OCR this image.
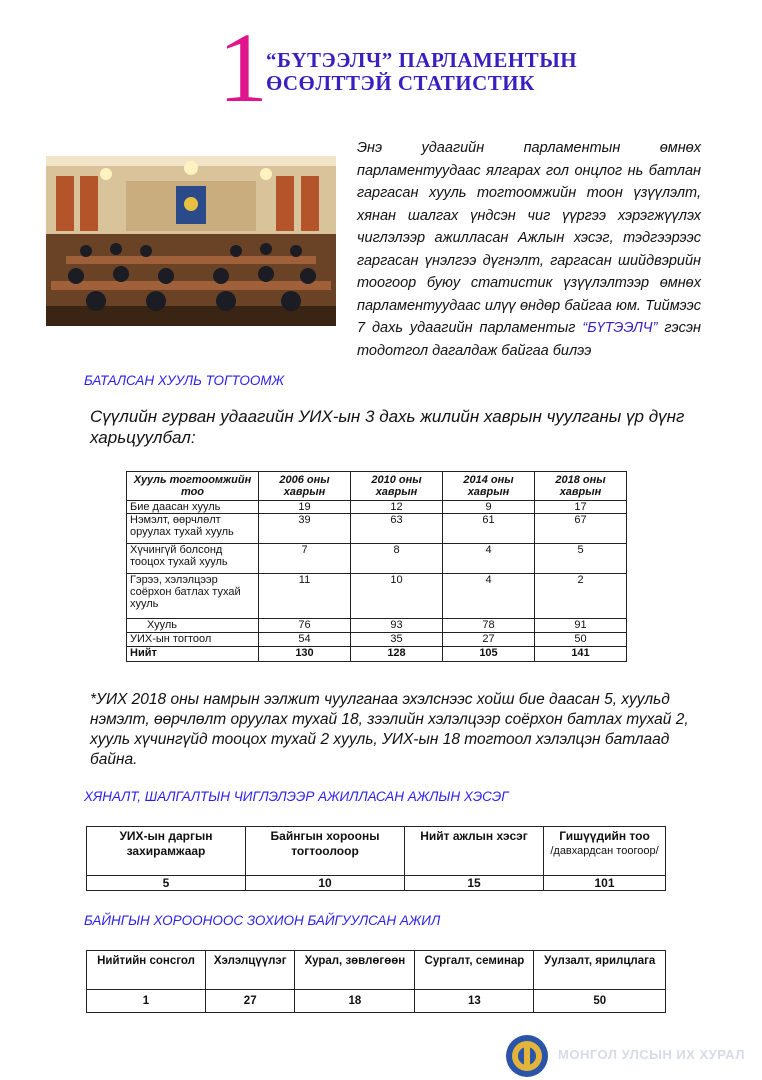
1
“БҮТЭЭЛЧ” ПАРЛАМЕНТЫН
ӨСӨЛТТЭЙ СТАТИСТИК
Энэ удаагийн парламентын өмнөх парламентуудаас ялгарах гол онцлог нь батлан гаргасан хууль тогтоомжийн тоон үзүүлэлт, хянан шалгах үндсэн чиг үүргээ хэрэгжүүлэх чиглэлээр ажилласан Ажлын хэсэг, тэдгээрээс гаргасан үнэлгээ дүгнэлт, гаргасан шийдвэрийн тоогоор буюу статистик үзүүлэлтээр өмнөх парламентуудаас илүү өндөр байгаа юм. Тиймээс 7 дахь удаагийн парламентыг “БҮТЭЭЛЧ” гэсэн тодотгол дагалдаж байгаа билээ
БАТАЛСАН ХУУЛЬ ТОГТООМЖ
Сүүлийн гурван удаагийн УИХ-ын 3 дахь жилийн хаврын чуулганы үр дүнг харьцуулбал:
Хууль тогтоомжийн тоо	2006 оны хаврын	2010 оны хаврын	2014 оны хаврын	2018 оны хаврын
Бие даасан хууль	19	12	9	17
Нэмэлт, өөрчлөлт оруулах тухай хууль	39	63	61	67
Хүчингүй болсонд тооцох тухай хууль	7	8	4	5
Гэрээ, хэлэлцээр соёрхон батлах тухай хууль	11	10	4	2
Хууль	76	93	78	91
УИХ-ын тогтоол	54	35	27	50
Нийт	130	128	105	141
*УИХ 2018 оны намрын ээлжит чуулганаа эхэлснээс хойш бие даасан 5, хуульд нэмэлт, өөрчлөлт оруулах тухай 18, зээлийн хэлэлцээр соёрхон батлах тухай 2, хууль хүчингүйд тооцох тухай 2 хууль, УИХ-ын 18 тогтоол хэлэлцэн батлаад байна.
ХЯНАЛТ, ШАЛГАЛТЫН ЧИГЛЭЛЭЭР АЖИЛЛАСАН АЖЛЫН ХЭСЭГ
УИХ-ын даргын захирамжаар	Байнгын хорооны тогтоолоор	Нийт ажлын хэсэг	Гишүүдийн тоо
/давхардсан тоогоор/

5	10	15	101
БАЙНГЫН ХОРООНООС ЗОХИОН БАЙГУУЛСАН АЖИЛ
Нийтийн сонсгол	Хэлэлцүүлэг	Хурал, зөвлөгөөн	Сургалт, семинар	Уулзалт, ярилцлага
1	27	18	13	50
МОНГОЛ УЛСЫН ИХ ХУРАЛ
